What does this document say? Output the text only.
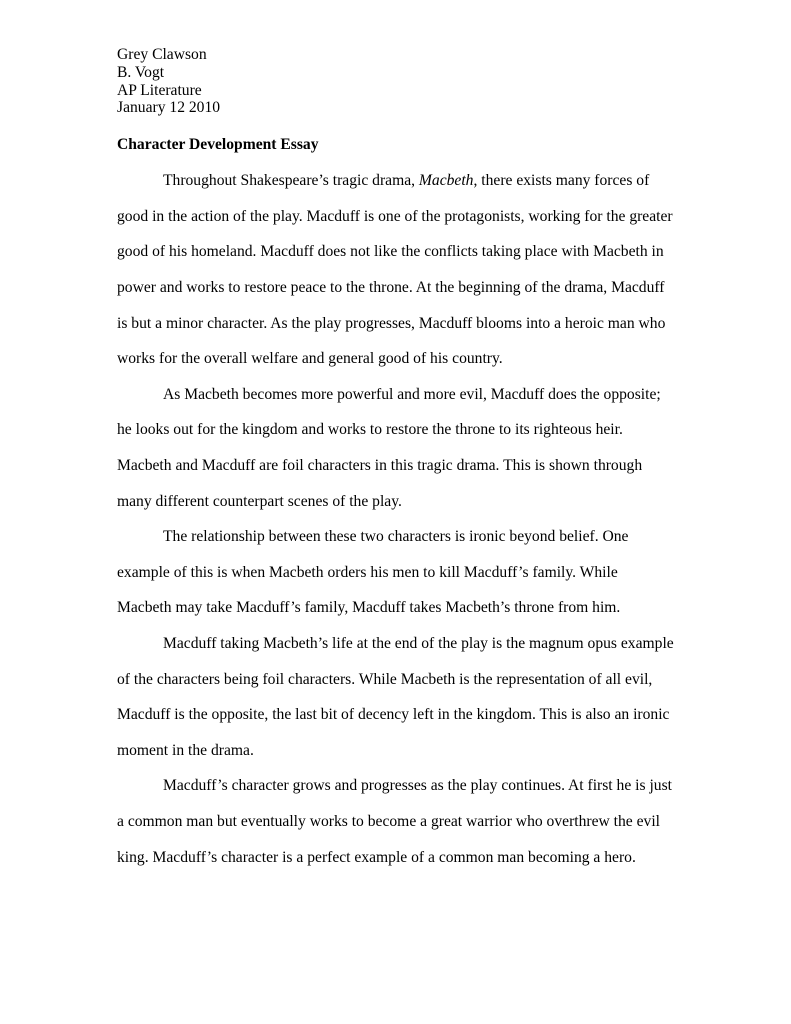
Grey Clawson
B. Vogt
AP Literature
January 12 2010
Character Development Essay
Throughout Shakespeare’s tragic drama, Macbeth, there exists many forces of
good in the action of the play. Macduff is one of the protagonists, working for the greater
good of his homeland. Macduff does not like the conflicts taking place with Macbeth in
power and works to restore peace to the throne. At the beginning of the drama, Macduff
is but a minor character. As the play progresses, Macduff blooms into a heroic man who
works for the overall welfare and general good of his country.
As Macbeth becomes more powerful and more evil, Macduff does the opposite;
he looks out for the kingdom and works to restore the throne to its righteous heir.
Macbeth and Macduff are foil characters in this tragic drama. This is shown through
many different counterpart scenes of the play.
The relationship between these two characters is ironic beyond belief. One
example of this is when Macbeth orders his men to kill Macduff’s family. While
Macbeth may take Macduff’s family, Macduff takes Macbeth’s throne from him.
Macduff taking Macbeth’s life at the end of the play is the magnum opus example
of the characters being foil characters. While Macbeth is the representation of all evil,
Macduff is the opposite, the last bit of decency left in the kingdom. This is also an ironic
moment in the drama.
Macduff’s character grows and progresses as the play continues. At first he is just
a common man but eventually works to become a great warrior who overthrew the evil
king. Macduff’s character is a perfect example of a common man becoming a hero.
